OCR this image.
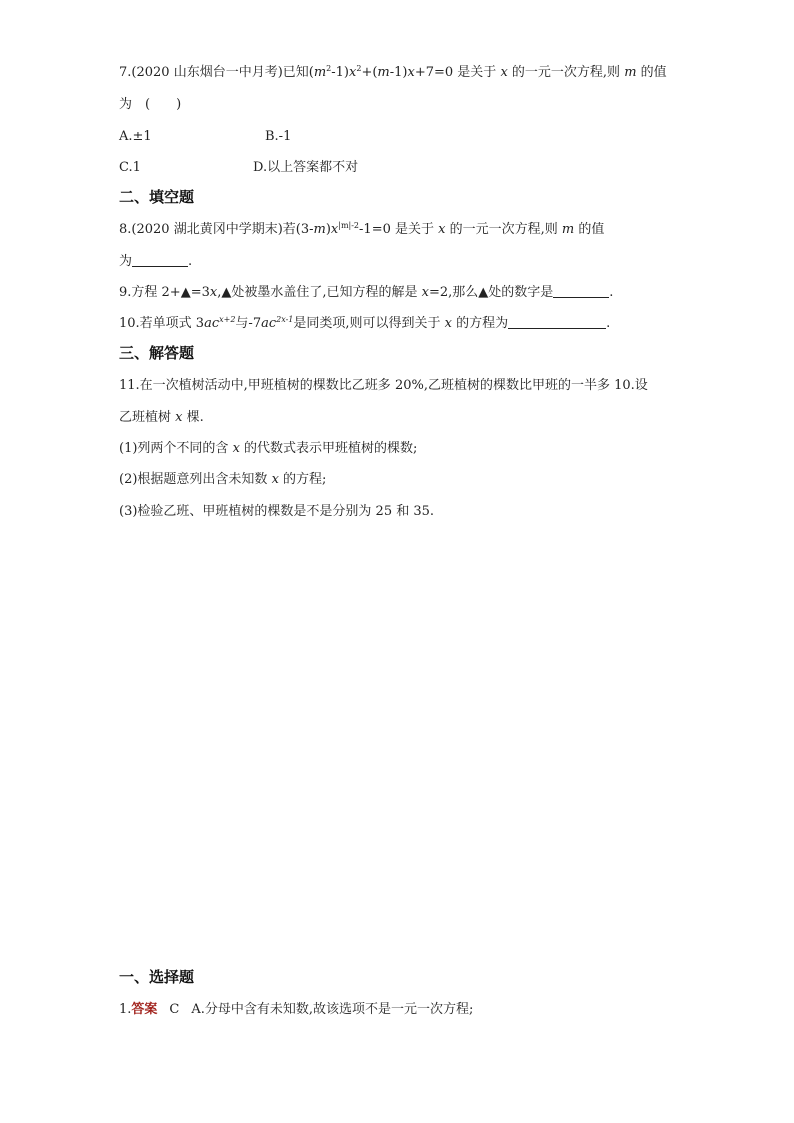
7.(2020 山东烟台一中月考)已知$(m^2-1)x^2+(m-1)x+7=0$ 是关于 x 的一元一次方程,则 m 的值
为　(　　)
A.±1	B.-1
C.1	D.以上答案都不对
二、填空题
8.(2020 湖北黄冈中学期末)若$(3-m)x^{|m|-2}-1=0$ 是关于 x 的一元一次方程,则 m 的值
为	.
9.方程 2+▲=3x,▲处被墨水盖住了,已知方程的解是 x=2,那么▲处的数字是	.
10.若单项式 $3ac^{x+2}$与$-7ac^{2x-1}$是同类项,则可以得到关于 x 的方程为	.
三、解答题
11.在一次植树活动中,甲班植树的棵数比乙班多 20%,乙班植树的棵数比甲班的一半多 10.设
乙班植树 x 棵.
(1)列两个不同的含 x 的代数式表示甲班植树的棵数;
(2)根据题意列出含未知数 x 的方程;
(3)检验乙班、甲班植树的棵数是不是分别为 25 和 35.
一、选择题
1.答案 C A.分母中含有未知数,故该选项不是一元一次方程;
